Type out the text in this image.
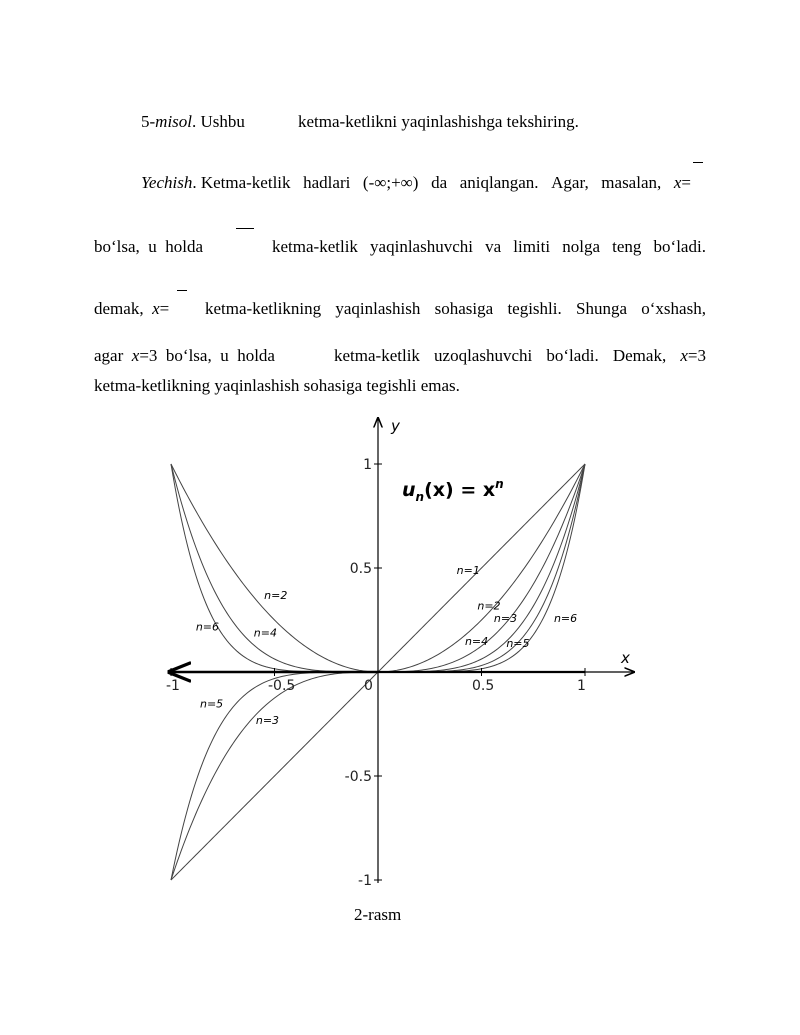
5-misol. Ushbu	ketma-ketlikni yaqinlashishga tekshiring.
Yechish. Ketma-ketlik hadlari (-∞;+∞) da aniqlangan. Agar, masalan, x=
bo‘lsa, u holda	ketma-ketlik yaqinlashuvchi va limiti nolga teng bo‘ladi.
demak, x= ketma-ketlikning yaqinlashish sohasiga tegishli. Shunga o‘xshash,
agar x=3 bo‘lsa, u holda	ketma-ketlik uzoqlashuvchi bo‘ladi. Demak, x=3
ketma-ketlikning yaqinlashish sohasiga tegishli emas.
-1	-0.5	0	0.5	1
1
0.5
-0.5
-1
n=1
n=2
n=3
n=4 n=5
n=6
n=2
n=4
n=6
n=5
n=3
x
y
$u_n(x) = x^n$
2-rasm
